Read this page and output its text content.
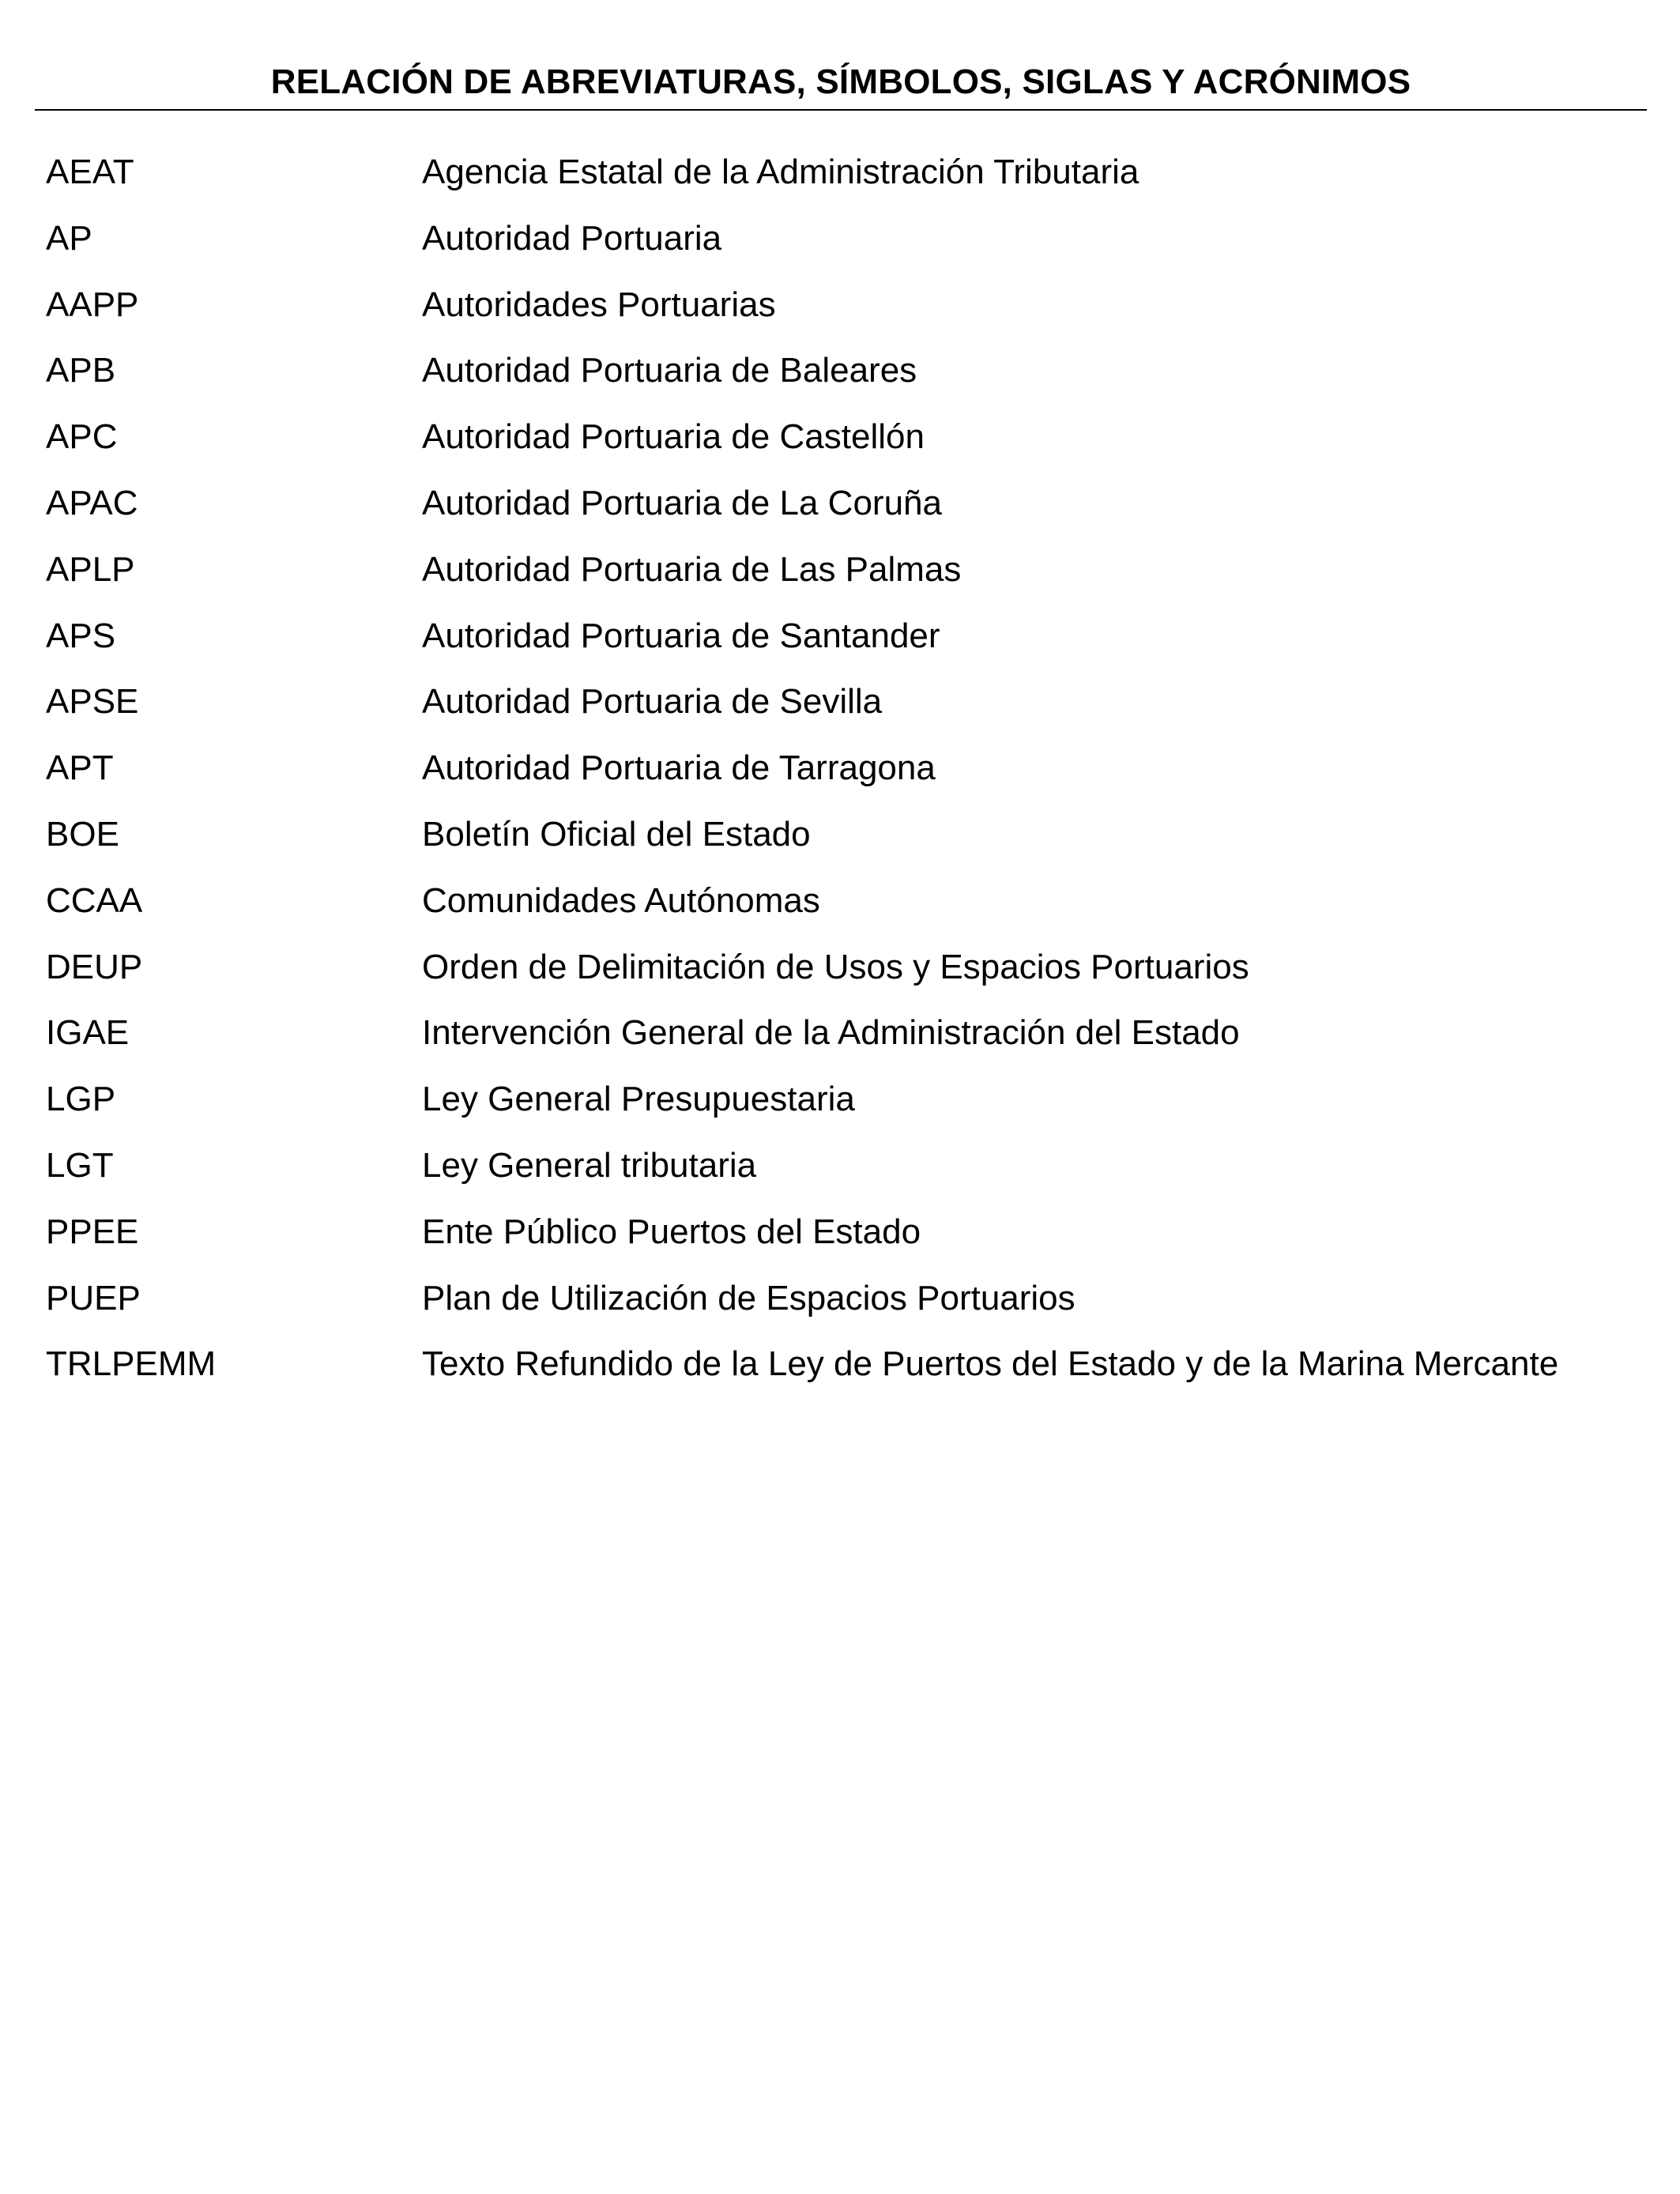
RELACIÓN DE ABREVIATURAS, SÍMBOLOS, SIGLAS Y ACRÓNIMOS
AEAT	Agencia Estatal de la Administración Tributaria
AP	Autoridad Portuaria
AAPP	Autoridades Portuarias
APB	Autoridad Portuaria de Baleares
APC	Autoridad Portuaria de Castellón
APAC	Autoridad Portuaria de La Coruña
APLP	Autoridad Portuaria de Las Palmas
APS	Autoridad Portuaria de Santander
APSE	Autoridad Portuaria de Sevilla
APT	Autoridad Portuaria de Tarragona
BOE	Boletín Oficial del Estado
CCAA	Comunidades Autónomas
DEUP	Orden de Delimitación de Usos y Espacios Portuarios
IGAE	Intervención General de la Administración del Estado
LGP	Ley General Presupuestaria
LGT	Ley General tributaria
PPEE	Ente Público Puertos del Estado
PUEP	Plan de Utilización de Espacios Portuarios
TRLPEMM	Texto Refundido de la Ley de Puertos del Estado y de la Marina Mercante
